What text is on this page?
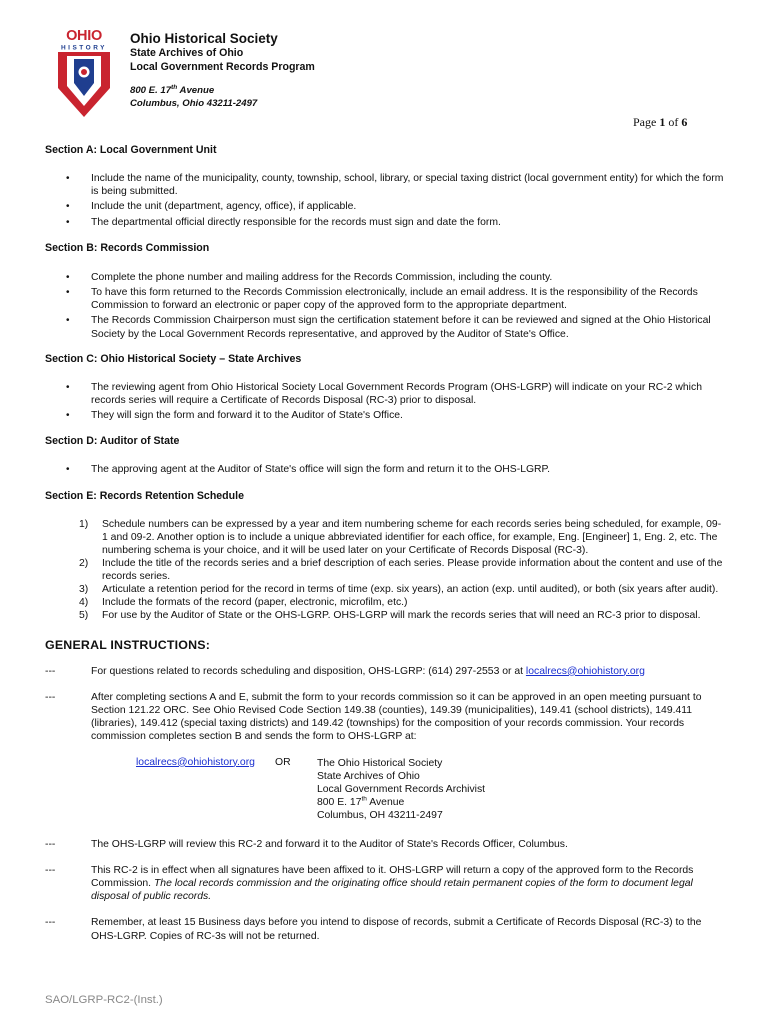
OHIO
HISTORY
Ohio Historical Society
State Archives of Ohio
Local Government Records Program
800 E. 17th Avenue
Columbus, Ohio 43211-2497
Page 1 of 6
Section A: Local Government Unit
• Include the name of the municipality, county, township, school, library, or special taxing district (local government entity) for which the form is being submitted.
• Include the unit (department, agency, office), if applicable.
• The departmental official directly responsible for the records must sign and date the form.
Section B: Records Commission
• Complete the phone number and mailing address for the Records Commission, including the county.
• To have this form returned to the Records Commission electronically, include an email address. It is the responsibility of the Records Commission to forward an electronic or paper copy of the approved form to the appropriate department.
• The Records Commission Chairperson must sign the certification statement before it can be reviewed and signed at the Ohio Historical Society by the Local Government Records representative, and approved by the Auditor of State's Office.
Section C: Ohio Historical Society – State Archives
• The reviewing agent from Ohio Historical Society Local Government Records Program (OHS-LGRP) will indicate on your RC-2 which records series will require a Certificate of Records Disposal (RC-3) prior to disposal.
• They will sign the form and forward it to the Auditor of State's Office.
Section D: Auditor of State
• The approving agent at the Auditor of State's office will sign the form and return it to the OHS-LGRP.
Section E: Records Retention Schedule
1) Schedule numbers can be expressed by a year and item numbering scheme for each records series being scheduled, for example, 09-1 and 09-2. Another option is to include a unique abbreviated identifier for each office, for example, Eng. [Engineer] 1, Eng. 2, etc. The numbering schema is your choice, and it will be used later on your Certificate of Records Disposal (RC-3).
2) Include the title of the records series and a brief description of each series. Please provide information about the content and use of the records series.
3) Articulate a retention period for the record in terms of time (exp. six years), an action (exp. until audited), or both (six years after audit).
4) Include the formats of the record (paper, electronic, microfilm, etc.)
5) For use by the Auditor of State or the OHS-LGRP. OHS-LGRP will mark the records series that will need an RC-3 prior to disposal.
GENERAL INSTRUCTIONS:
---	For questions related to records scheduling and disposition, OHS-LGRP: (614) 297-2553 or at localrecs@ohiohistory.org
---	After completing sections A and E, submit the form to your records commission so it can be approved in an open meeting pursuant to Section 121.22 ORC. See Ohio Revised Code Section 149.38 (counties), 149.39 (municipalities), 149.41 (school districts), 149.411 (libraries), 149.412 (special taxing districts) and 149.42 (townships) for the composition of your records commission. Your records commission completes section B and sends the form to OHS-LGRP at:
localrecs@ohiohistory.org OR	The Ohio Historical Society
State Archives of Ohio
Local Government Records Archivist
800 E. 17th Avenue
Columbus, OH 43211-2497
---	The OHS-LGRP will review this RC-2 and forward it to the Auditor of State's Records Officer, Columbus.
---	This RC-2 is in effect when all signatures have been affixed to it. OHS-LGRP will return a copy of the approved form to the Records Commission. The local records commission and the originating office should retain permanent copies of the form to document legal disposal of public records.
---	Remember, at least 15 Business days before you intend to dispose of records, submit a Certificate of Records Disposal (RC-3) to the OHS-LGRP. Copies of RC-3s will not be returned.
SAO/LGRP-RC2-(Inst.)
